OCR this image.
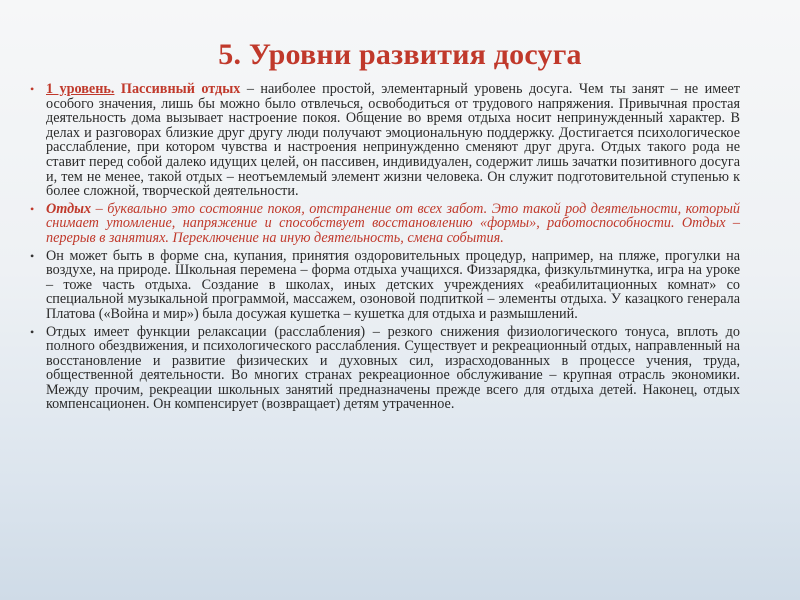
5. Уровни развития досуга
• 1 уровень. Пассивный отдых – наиболее простой, элементарный уровень досуга. Чем ты занят – не имеет особого значения, лишь бы можно было отвлечься, освободиться от трудового напряжения. Привычная простая деятельность дома вызывает настроение покоя. Общение во время отдыха носит непринужденный характер. В делах и разговорах близкие друг другу люди получают эмоциональную поддержку. Достигается психологическое расслабление, при котором чувства и настроения непринужденно сменяют друг друга. Отдых такого рода не ставит перед собой далеко идущих целей, он пассивен, индивидуален, содержит лишь зачатки позитивного досуга и, тем не менее, такой отдых – неотъемлемый элемент жизни человека. Он служит подготовительной ступенью к более сложной, творческой деятельности.
• Отдых – буквально это состояние покоя, отстранение от всех забот. Это такой род деятельности, который снимает утомление, напряжение и способствует восстановлению «формы», работоспособности. Отдых – перерыв в занятиях. Переключение на иную деятельность, смена события.
• Он может быть в форме сна, купания, принятия оздоровительных процедур, например, на пляже, прогулки на воздухе, на природе. Школьная перемена – форма отдыха учащихся. Физзарядка, физкультминутка, игра на уроке – тоже часть отдыха. Создание в школах, иных детских учреждениях «реабилитационных комнат» со специальной музыкальной программой, массажем, озоновой подпиткой – элементы отдыха. У казацкого генерала Платова («Война и мир») была досужая кушетка – кушетка для отдыха и размышлений.
• Отдых имеет функции релаксации (расслабления) – резкого снижения физиологического тонуса, вплоть до полного обездвижения, и психологического расслабления. Существует и рекреационный отдых, направленный на восстановление и развитие физических и духовных сил, израсходованных в процессе учения, труда, общественной деятельности. Во многих странах рекреационное обслуживание – крупная отрасль экономики. Между прочим, рекреации школьных занятий предназначены прежде всего для отдыха детей. Наконец, отдых компенсационен. Он компенсирует (возвращает) детям утраченное.
